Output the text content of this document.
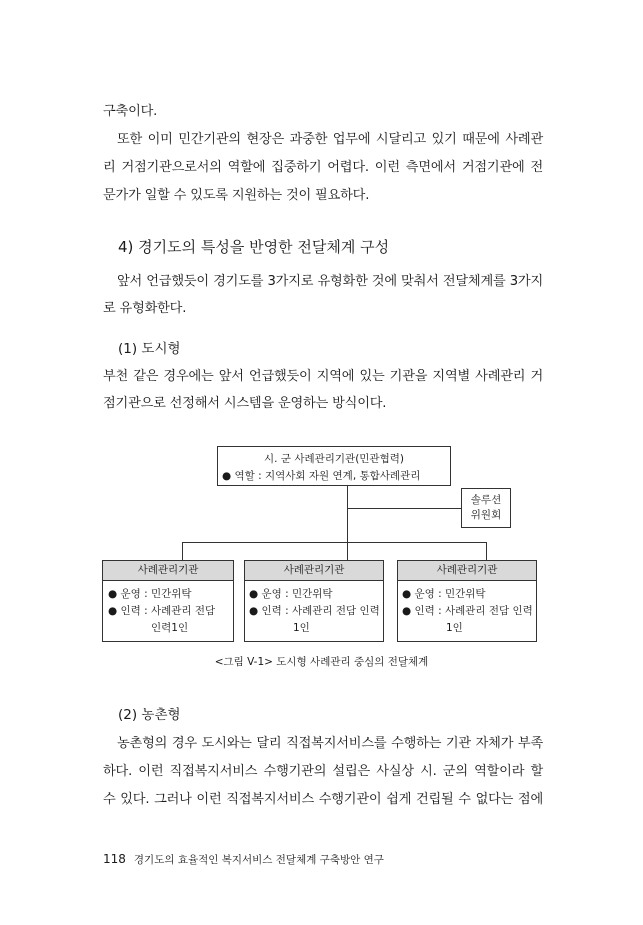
구축이다.
또한 이미 민간기관의 현장은 과중한 업무에 시달리고 있기 때문에 사례관
리 거점기관으로서의 역할에 집중하기 어렵다. 이런 측면에서 거점기관에 전
문가가 일할 수 있도록 지원하는 것이 필요하다.
4) 경기도의 특성을 반영한 전달체계 구성
앞서 언급했듯이 경기도를 3가지로 유형화한 것에 맞춰서 전달체계를 3가지
로 유형화한다.
(1) 도시형
부천 같은 경우에는 앞서 언급했듯이 지역에 있는 기관을 지역별 사례관리 거
점기관으로 선정해서 시스템을 운영하는 방식이다.
시. 군 사례관리기관(민관협력)
● 역할 : 지역사회 자원 연계, 통합사례관리
솔루션
위원회
사례관리기관
● 운영 : 민간위탁
● 인력 : 사례관리 전담
인력1인
사례관리기관
● 운영 : 민간위탁
● 인력 : 사례관리 전담 인력
1인
사례관리기관
● 운영 : 민간위탁
● 인력 : 사례관리 전담 인력
1인
<그림 V-1> 도시형 사례관리 중심의 전달체계
(2) 농촌형
농촌형의 경우 도시와는 달리 직접복지서비스를 수행하는 기관 자체가 부족
하다. 이런 직접복지서비스 수행기관의 설립은 사실상 시. 군의 역할이라 할
수 있다. 그러나 이런 직접복지서비스 수행기관이 쉽게 건립될 수 없다는 점에
118 경기도의 효율적인 복지서비스 전달체계 구축방안 연구
